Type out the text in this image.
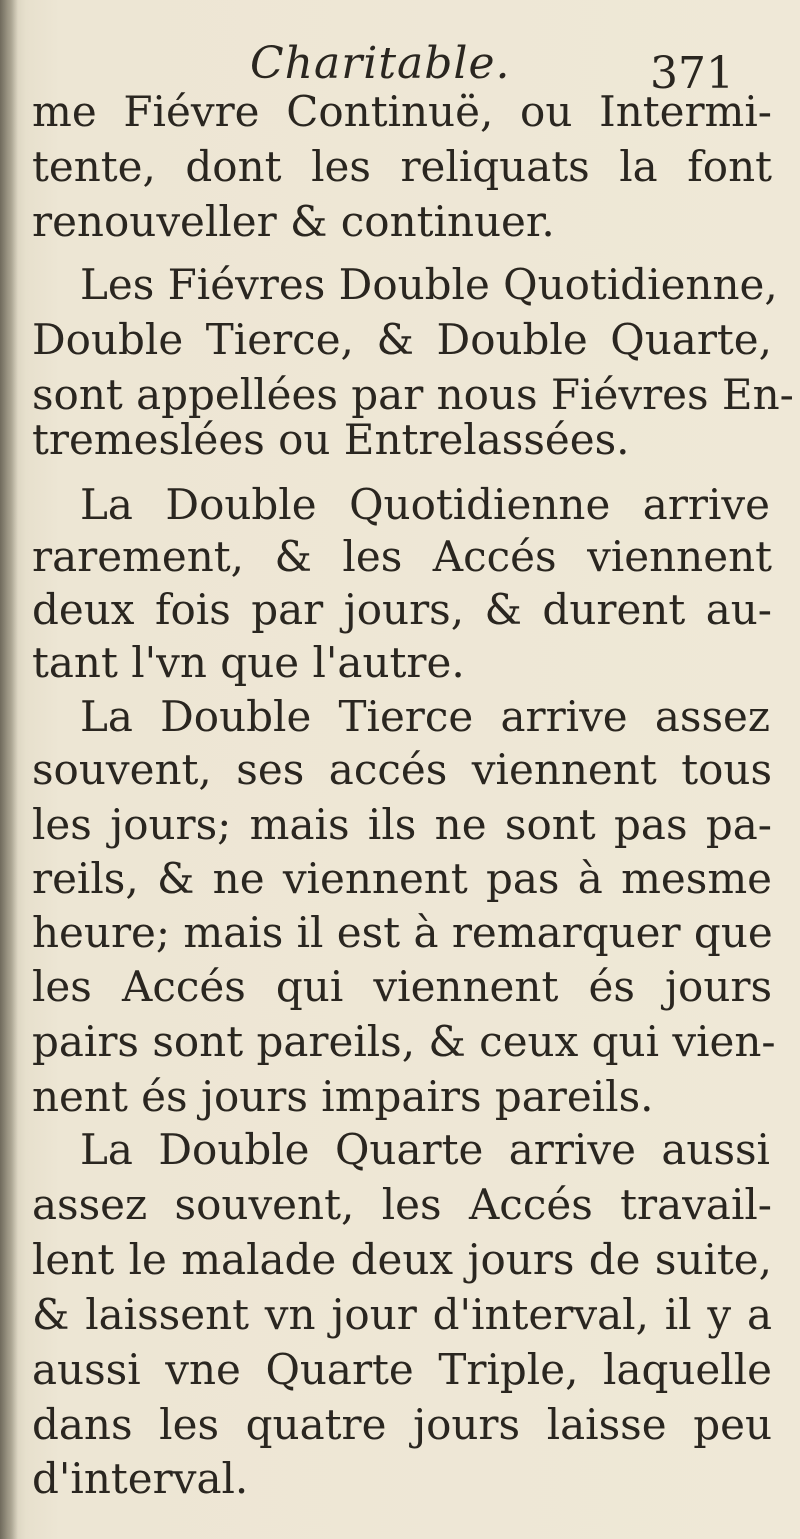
Charitable.	371
me Fiévre Continuë, ou Intermi-
tente, dont les reliquats la font
renouveller & continuer.
Les Fiévres Double Quotidienne,
Double Tierce, & Double Quarte,
sont appellées par nous Fiévres En-
tremeslées ou Entrelassées.
La Double Quotidienne arrive
rarement, & les Accés viennent
deux fois par jours, & durent au-
tant l'vn que l'autre.
La Double Tierce arrive assez
souvent, ses accés viennent tous
les jours; mais ils ne sont pas pa-
reils, & ne viennent pas à mesme
heure; mais il est à remarquer que
les Accés qui viennent és jours
pairs sont pareils, & ceux qui vien-
nent és jours impairs pareils.
La Double Quarte arrive aussi
assez souvent, les Accés travail-
lent le malade deux jours de suite,
& laissent vn jour d'interval, il y a
aussi vne Quarte Triple, laquelle
dans les quatre jours laisse peu
d'interval.
